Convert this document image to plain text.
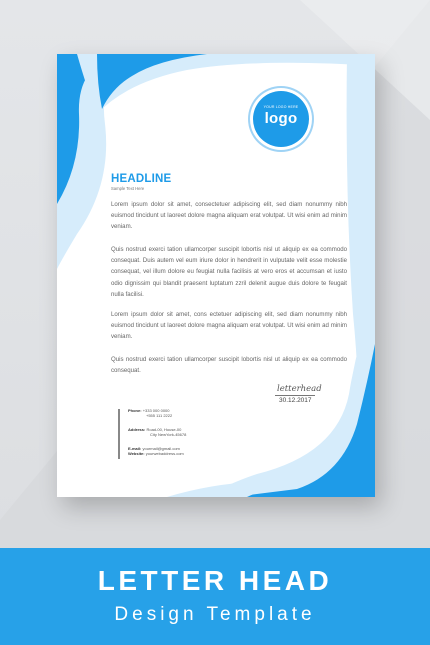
YOUR LOGO HERE
logo
HEADLINE
Sample Text Here
Lorem ipsum dolor sit amet, consectetuer adipiscing elit, sed diam nonummy nibh euismod tincidunt ut laoreet dolore magna aliquam erat volutpat. Ut wisi enim ad minim veniam.
Quis nostrud exerci tation ullamcorper suscipit lobortis nisl ut aliquip ex ea commodo consequat. Duis autem vel eum iriure dolor in hendrerit in vulputate velit esse molestie consequat, vel illum dolore eu feugiat nulla facilisis at vero eros et accumsan et iusto odio dignissim qui blandit praesent luptatum zzril delenit augue duis dolore te feugait nulla facilisi.
Lorem ipsum dolor sit amet, cons ectetuer adipiscing elit, sed diam nonummy nibh euismod tincidunt ut laoreet dolore magna aliquam erat volutpat. Ut wisi enim ad minim veniam.
Quis nostrud exerci tation ullamcorper suscipit lobortis nisl ut aliquip ex ea commodo consequat.
letterhead
30.12.2017
Phone: +333 000 0000
+555 111 2222
Address: Road-00, House-00
City NewYork-45678
E-mail: yourmail@gmail.com
Website: yourwebaddress.com
LETTER HEAD
Design Template
